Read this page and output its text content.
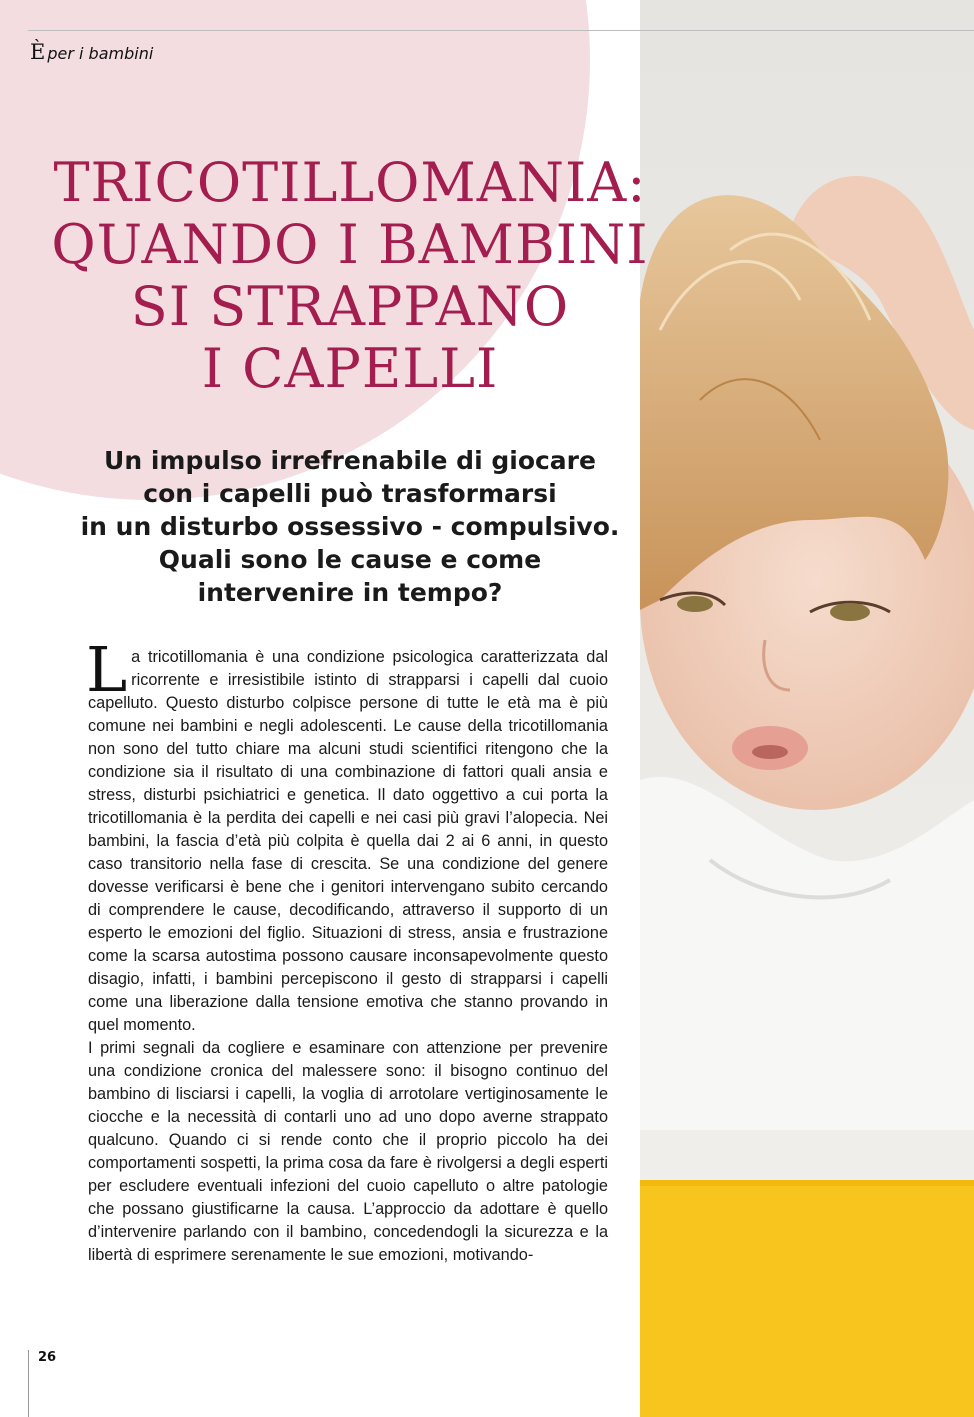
È per i bambini
TRICOTILLOMANIA:
QUANDO I BAMBINI
SI STRAPPANO
I CAPELLI
Un impulso irrefrenabile di giocare
con i capelli può trasformarsi
in un disturbo ossessivo - compulsivo.
Quali sono le cause e come
intervenire in tempo?

La tricotillomania è una condizione psicologica caratterizzata dal ricorrente e irresistibile istinto di strapparsi i capelli dal cuoio capelluto. Questo disturbo colpisce persone di tutte le età ma è più comune nei bambini e negli adolescenti. Le cause della tricotillomania non sono del tutto chiare ma alcuni studi scientifici ritengono che la condizione sia il risultato di una combinazione di fattori quali ansia e stress, disturbi psichiatrici e genetica. Il dato oggettivo a cui porta la tricotillomania è la perdita dei capelli e nei casi più gravi l’alopecia. Nei bambini, la fascia d’età più colpita è quella dai 2 ai 6 anni, in questo caso transitorio nella fase di crescita. Se una condizione del genere dovesse verificarsi è bene che i genitori intervengano subito cercando di comprendere le cause, decodificando, attraverso il supporto di un esperto le emozioni del figlio. Situazioni di stress, ansia e frustrazione come la scarsa autostima possono causare inconsapevolmente questo disagio, infatti, i bambini percepiscono il gesto di strapparsi i capelli come una liberazione dalla tensione emotiva che stanno provando in quel momento.

I primi segnali da cogliere e esaminare con attenzione per prevenire una condizione cronica del malessere sono: il bisogno continuo del bambino di lisciarsi i capelli, la voglia di arrotolare vertiginosamente le ciocche e la necessità di contarli uno ad uno dopo averne strappato qualcuno. Quando ci si rende conto che il proprio piccolo ha dei comportamenti sospetti, la prima cosa da fare è rivolgersi a degli esperti per escludere eventuali infezioni del cuoio capelluto o altre patologie che possano giustificarne la causa. L’approccio da adottare è quello d’intervenire parlando con il bambino, concedendogli la sicurezza e la libertà di esprimere serenamente le sue emozioni, motivando-

26
